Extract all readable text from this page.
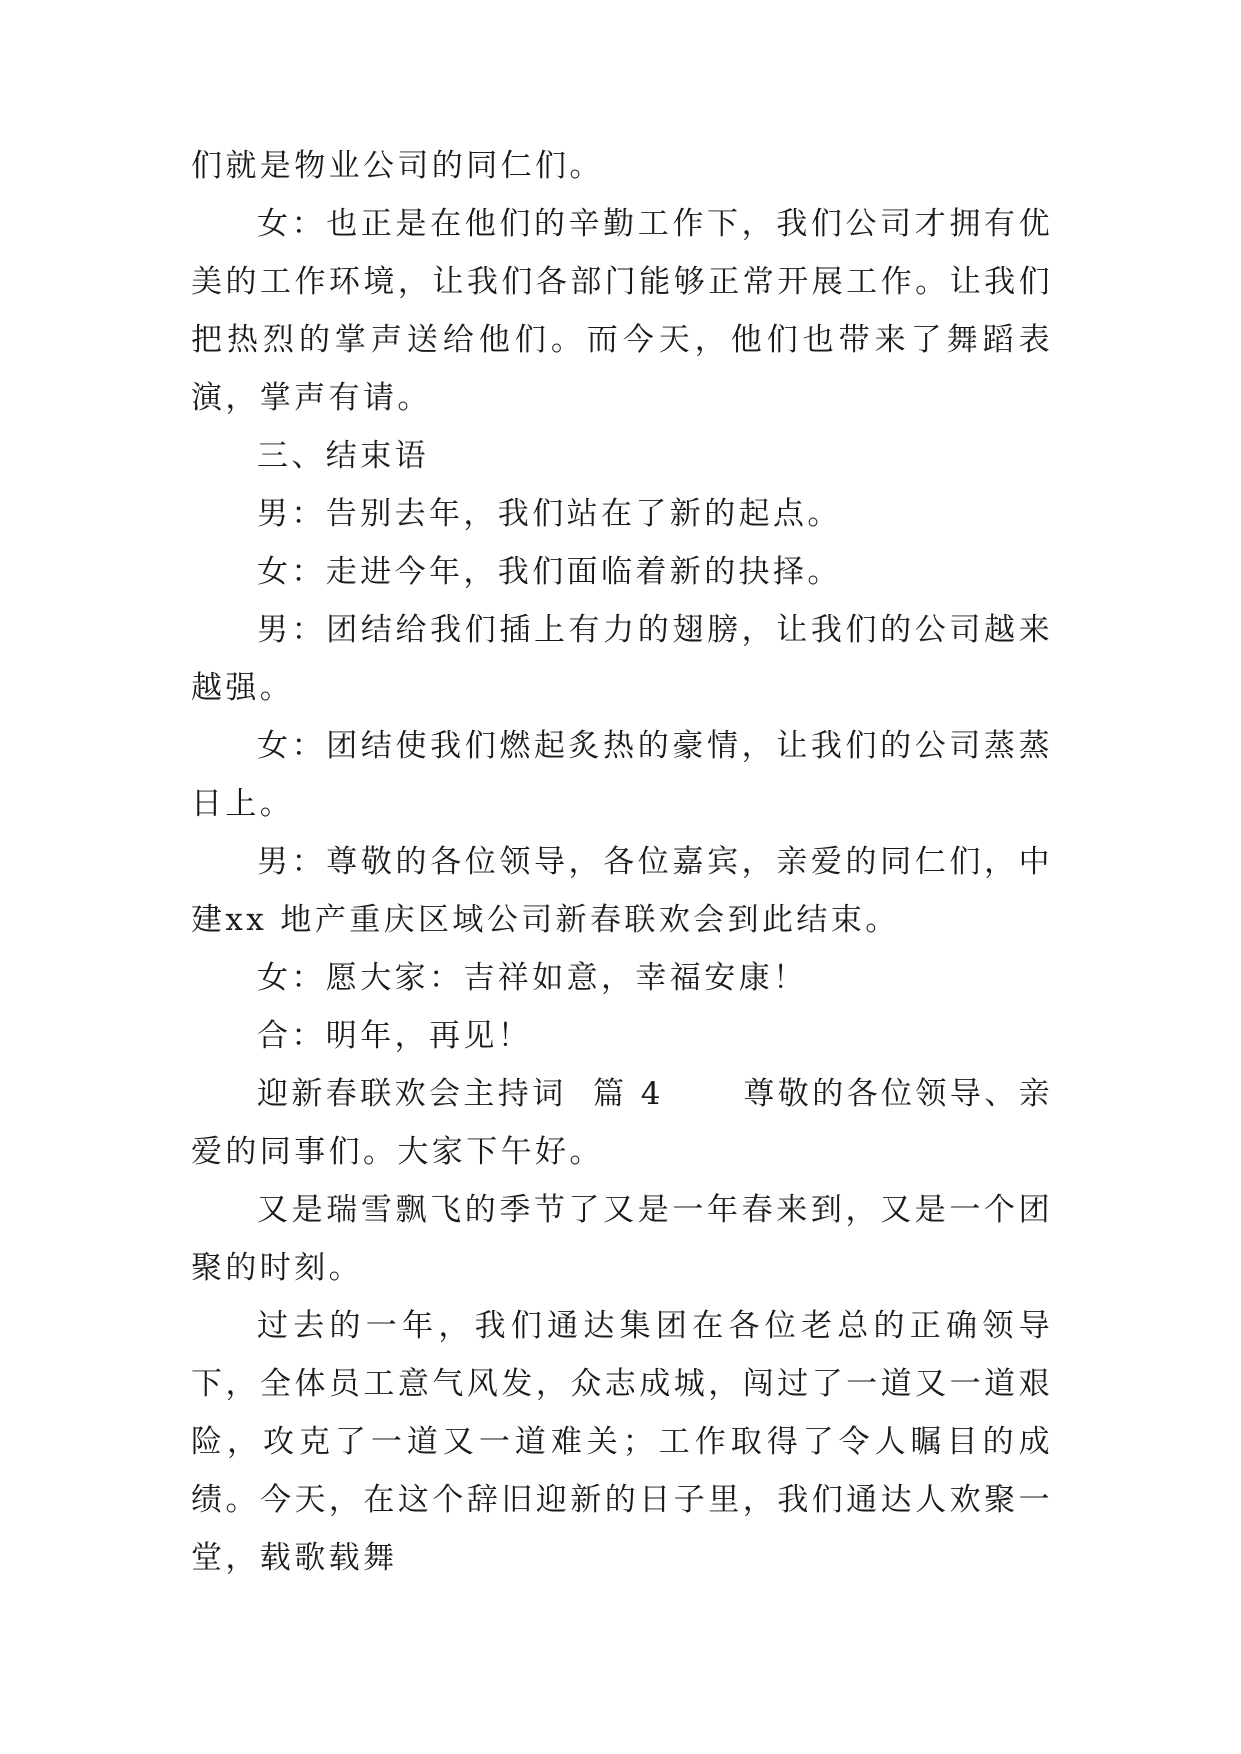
们就是物业公司的同仁们。

女：也正是在他们的辛勤工作下，我们公司才拥有优美的工作环境，让我们各部门能够正常开展工作。让我们把热烈的掌声送给他们。而今天，他们也带来了舞蹈表演，掌声有请。

三、结束语

男：告别去年，我们站在了新的起点。

女：走进今年，我们面临着新的抉择。

男：团结给我们插上有力的翅膀，让我们的公司越来越强。

女：团结使我们燃起炙热的豪情，让我们的公司蒸蒸日上。

男：尊敬的各位领导，各位嘉宾，亲爱的同仁们，中建xx 地产重庆区域公司新春联欢会到此结束。

女：愿大家：吉祥如意，幸福安康！

合：明年，再见！

迎新春联欢会主持词  篇 4      尊敬的各位领导、亲爱的同事们。大家下午好。

又是瑞雪飘飞的季节了又是一年春来到，又是一个团聚的时刻。

过去的一年，我们通达集团在各位老总的正确领导下，全体员工意气风发，众志成城，闯过了一道又一道艰险，攻克了一道又一道难关；工作取得了令人瞩目的成绩。今天，在这个辞旧迎新的日子里，我们通达人欢聚一堂，载歌载舞
